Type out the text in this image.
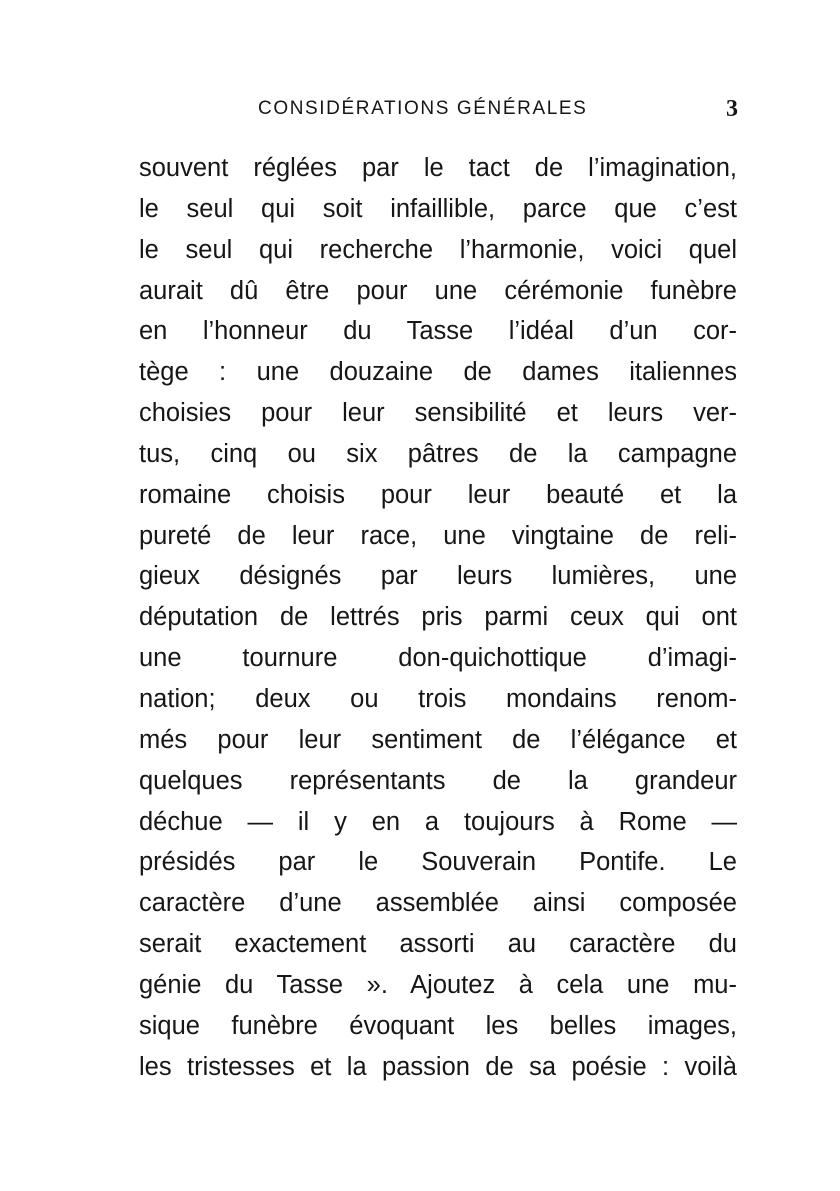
CONSIDÉRATIONS GÉNÉRALES	3
souvent réglées par le tact de l’imagination,
le seul qui soit infaillible, parce que c’est
le seul qui recherche l’harmonie, voici quel
aurait dû être pour une cérémonie funèbre
en l’honneur du Tasse l’idéal d’un cor-
tège : une douzaine de dames italiennes
choisies pour leur sensibilité et leurs ver-
tus, cinq ou six pâtres de la campagne
romaine choisis pour leur beauté et la
pureté de leur race, une vingtaine de reli-
gieux désignés par leurs lumières, une
députation de lettrés pris parmi ceux qui ont
une tournure don-quichottique d’imagi-
nation; deux ou trois mondains renom-
més pour leur sentiment de l’élégance et
quelques représentants de la grandeur
déchue — il y en a toujours à Rome —
présidés par le Souverain Pontife. Le
caractère d’une assemblée ainsi composée
serait exactement assorti au caractère du
génie du Tasse ». Ajoutez à cela une mu-
sique funèbre évoquant les belles images,
les tristesses et la passion de sa poésie : voilà
